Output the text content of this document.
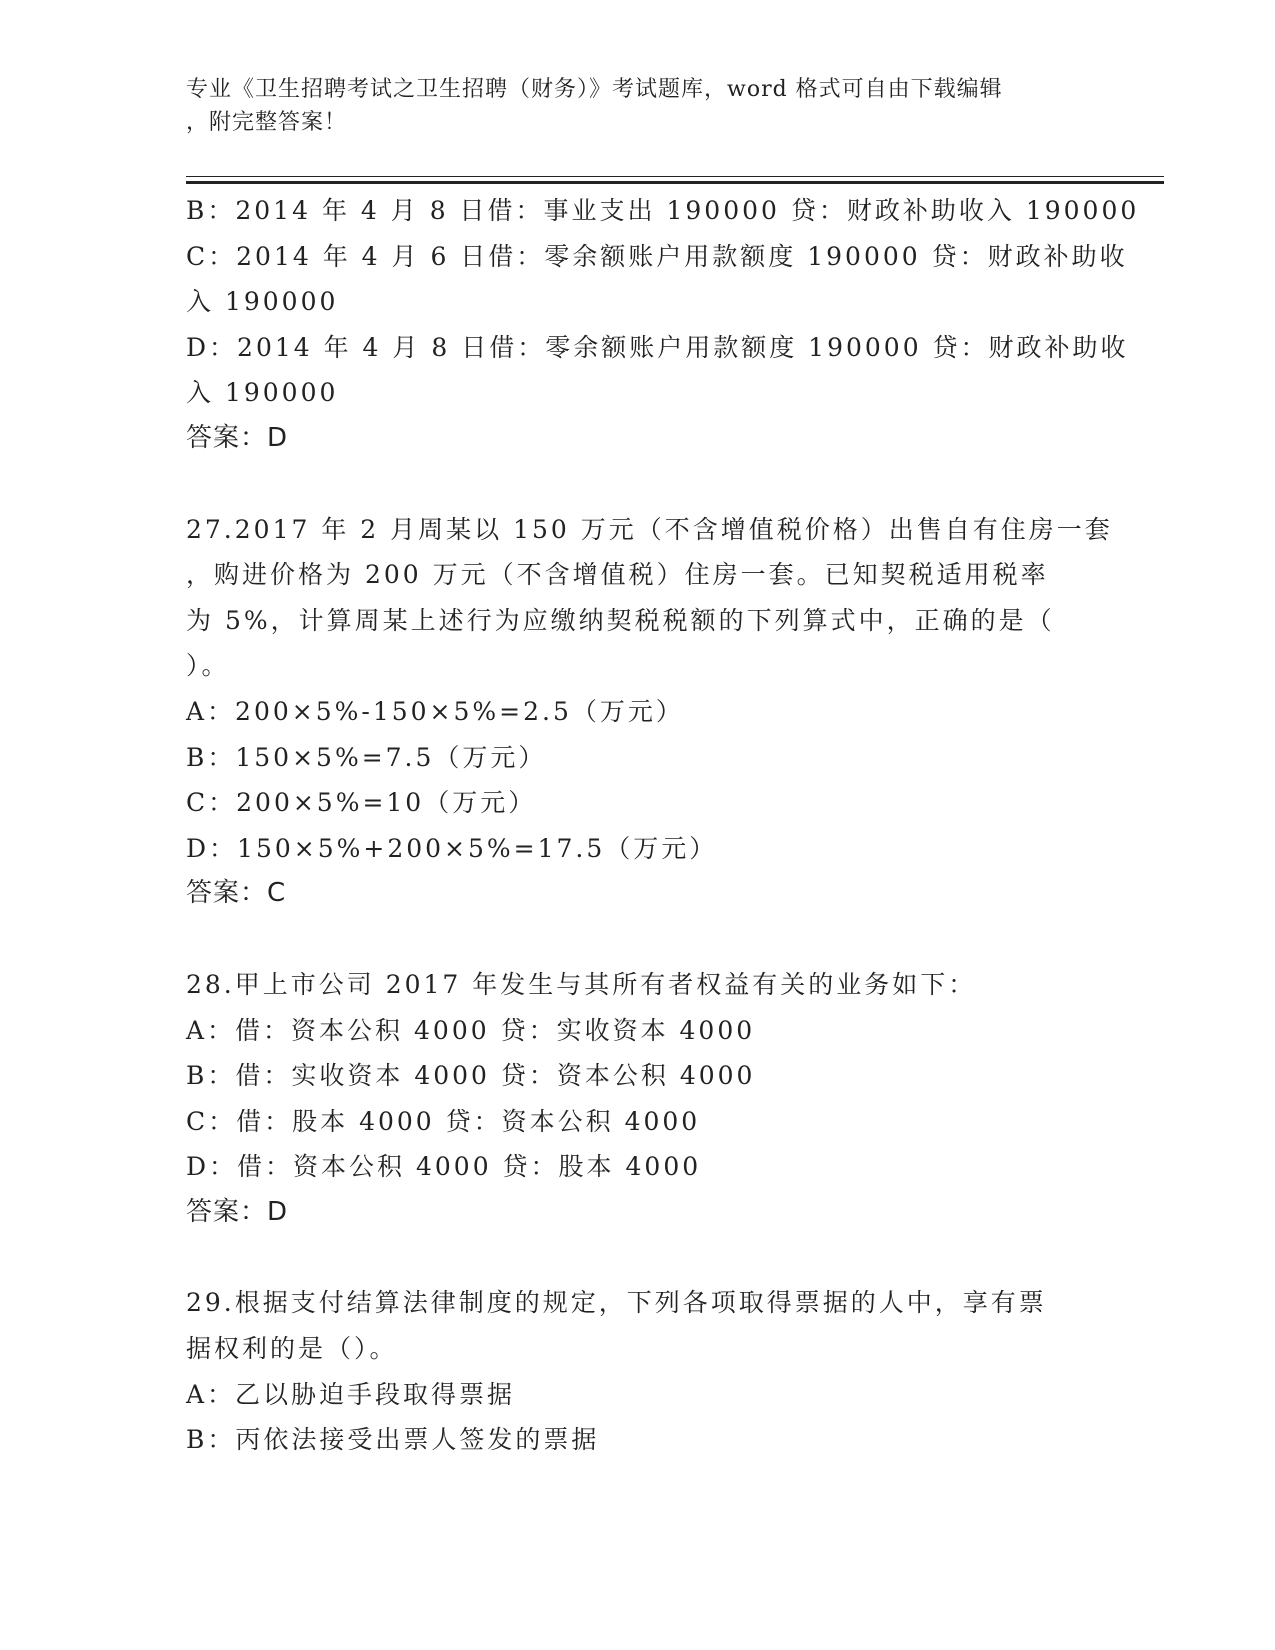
专业《卫生招聘考试之卫生招聘（财务）》考试题库，word 格式可自由下载编辑
，附完整答案！
B：2014 年 4 月 8 日借：事业支出 190000 贷：财政补助收入 190000
C：2014 年 4 月 6 日借：零余额账户用款额度 190000 贷：财政补助收
入 190000
D：2014 年 4 月 8 日借：零余额账户用款额度 190000 贷：财政补助收
入 190000
答案：D
27.2017 年 2 月周某以 150 万元（不含增值税价格）出售自有住房一套
，购进价格为 200 万元（不含增值税）住房一套。已知契税适用税率
为 5%，计算周某上述行为应缴纳契税税额的下列算式中，正确的是（
）。
A：200×5%-150×5%=2.5（万元）
B：150×5%=7.5（万元）
C：200×5%=10（万元）
D：150×5%+200×5%=17.5（万元）
答案：C
28.甲上市公司 2017 年发生与其所有者权益有关的业务如下：
A：借：资本公积 4000 贷：实收资本 4000
B：借：实收资本 4000 贷：资本公积 4000
C：借：股本 4000 贷：资本公积 4000
D：借：资本公积 4000 贷：股本 4000
答案：D
29.根据支付结算法律制度的规定，下列各项取得票据的人中，享有票
据权利的是（）。
A：乙以胁迫手段取得票据
B：丙依法接受出票人签发的票据
